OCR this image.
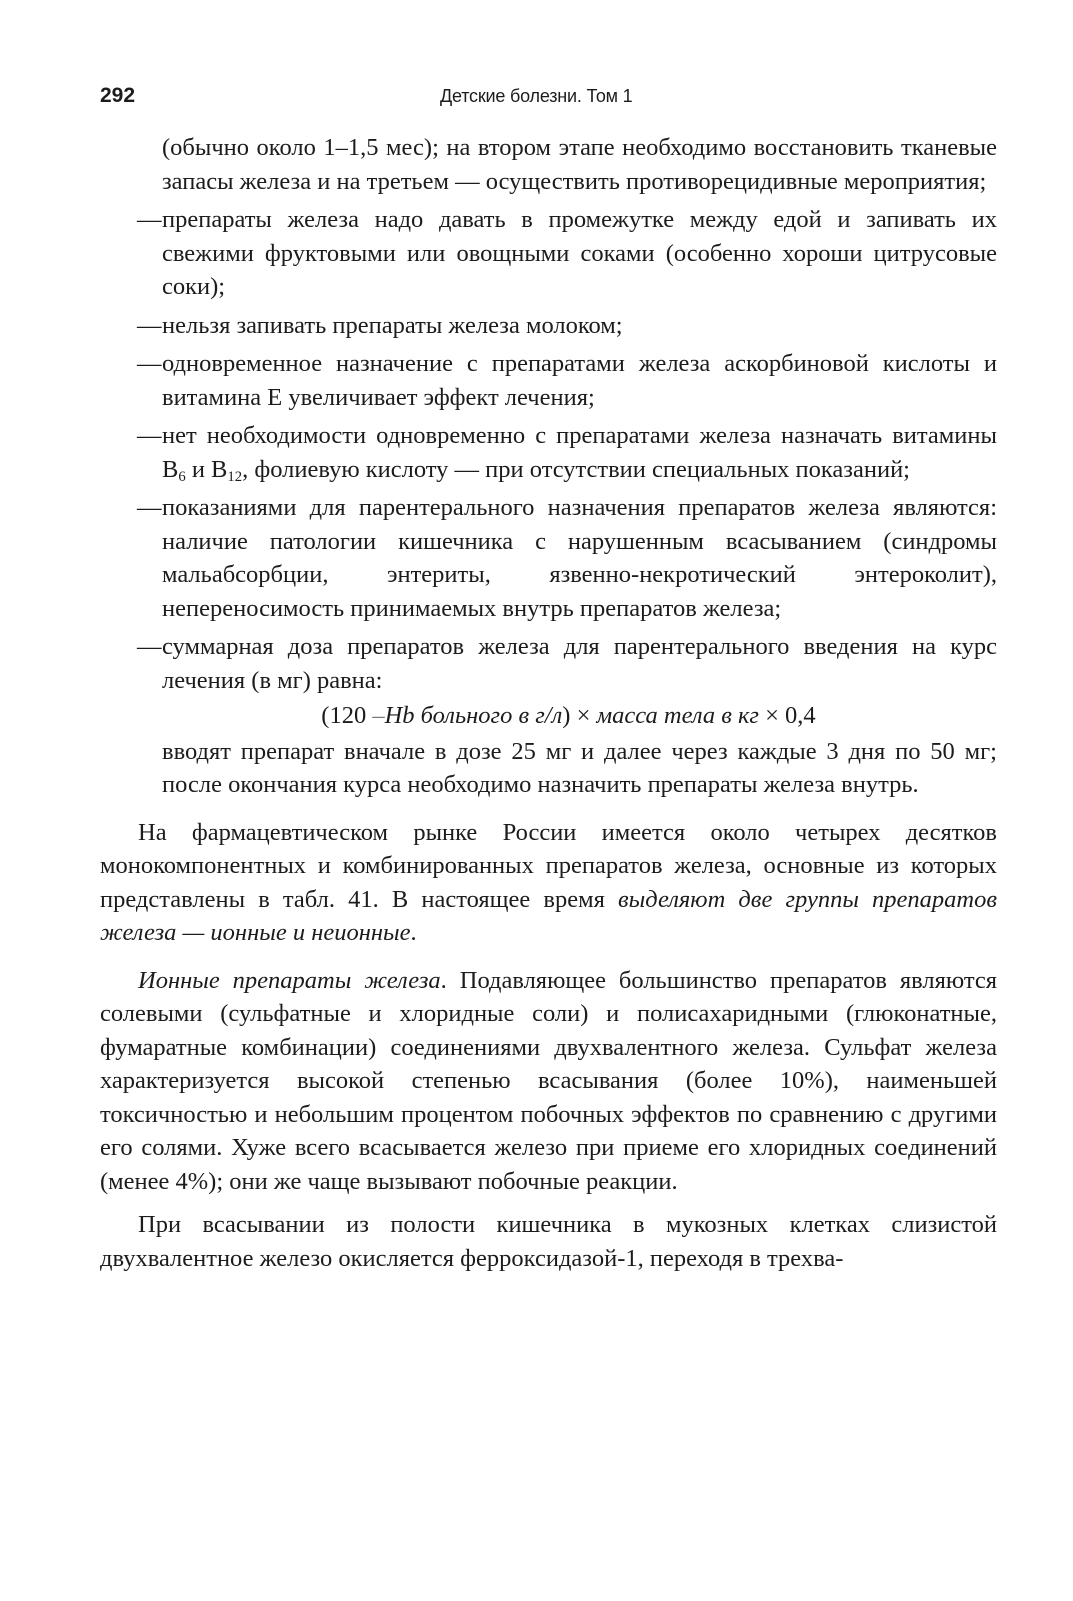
292	Детские болезни. Том 1

(обычно около 1–1,5 мес); на втором этапе необходимо восстановить тканевые запасы железа и на третьем — осуществить противорецидивные мероприятия;

— препараты железа надо давать в промежутке между едой и запивать их свежими фруктовыми или овощными соками (особенно хороши цитрусовые соки);

— нельзя запивать препараты железа молоком;

— одновременное назначение с препаратами железа аскорбиновой кислоты и витамина Е увеличивает эффект лечения;

— нет необходимости одновременно с препаратами железа назначать витамины $В_6$ и $В_{12}$, фолиевую кислоту — при отсутствии специальных показаний;

— показаниями для парентерального назначения препаратов железа являются: наличие патологии кишечника с нарушенным всасыванием (синдромы мальабсорбции, энтериты, язвенно-некротический энтероколит), непереносимость принимаемых внутрь препаратов железа;

— суммарная доза препаратов железа для парентерального введения на курс лечения (в мг) равна:

(120 –Hb больного в г/л) × масса тела в кг × 0,4

вводят препарат вначале в дозе 25 мг и далее через каждые 3 дня по 50 мг; после окончания курса необходимо назначить препараты железа внутрь.

На фармацевтическом рынке России имеется около четырех десятков монокомпонентных и комбинированных препаратов железа, основные из которых представлены в табл. 41. В настоящее время выделяют две группы препаратов железа — ионные и неионные.

Ионные препараты железа. Подавляющее большинство препаратов являются солевыми (сульфатные и хлоридные соли) и полисахаридными (глюконатные, фумаратные комбинации) соединениями двухвалентного железа. Сульфат железа характеризуется высокой степенью всасывания (более 10%), наименьшей токсичностью и небольшим процентом побочных эффектов по сравнению с другими его солями. Хуже всего всасывается железо при приеме его хлоридных соединений (менее 4%); они же чаще вызывают побочные реакции.

При всасывании из полости кишечника в мукозных клетках слизистой двухвалентное железо окисляется ферроксидазой-1, переходя в трехва-
